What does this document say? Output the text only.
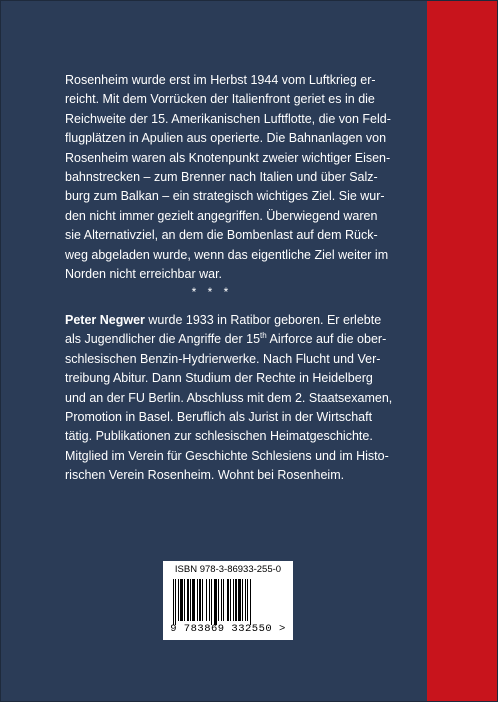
Rosenheim wurde erst im Herbst 1944 vom Luftkrieg er-
reicht. Mit dem Vorrücken der Italienfront geriet es in die
Reichweite der 15. Amerikanischen Luftflotte, die von Feld-
flugplätzen in Apulien aus operierte. Die Bahnanlagen von
Rosenheim waren als Knotenpunkt zweier wichtiger Eisen-
bahnstrecken – zum Brenner nach Italien und über Salz-
burg zum Balkan – ein strategisch wichtiges Ziel. Sie wur-
den nicht immer gezielt angegriffen. Überwiegend waren
sie Alternativziel, an dem die Bombenlast auf dem Rück-
weg abgeladen wurde, wenn das eigentliche Ziel weiter im
Norden nicht erreichbar war.
* * *
Peter Negwer wurde 1933 in Ratibor geboren. Er erlebte
als Jugendlicher die Angriffe der 15th Airforce auf die ober-
schlesischen Benzin-Hydrierwerke. Nach Flucht und Ver-
treibung Abitur. Dann Studium der Rechte in Heidelberg
und an der FU Berlin. Abschluss mit dem 2. Staatsexamen,
Promotion in Basel. Beruflich als Jurist in der Wirtschaft
tätig. Publikationen zur schlesischen Heimatgeschichte.
Mitglied im Verein für Geschichte Schlesiens und im Histo-
rischen Verein Rosenheim. Wohnt bei Rosenheim.
ISBN 978-3-86933-255-0
9 783869 332550 >
